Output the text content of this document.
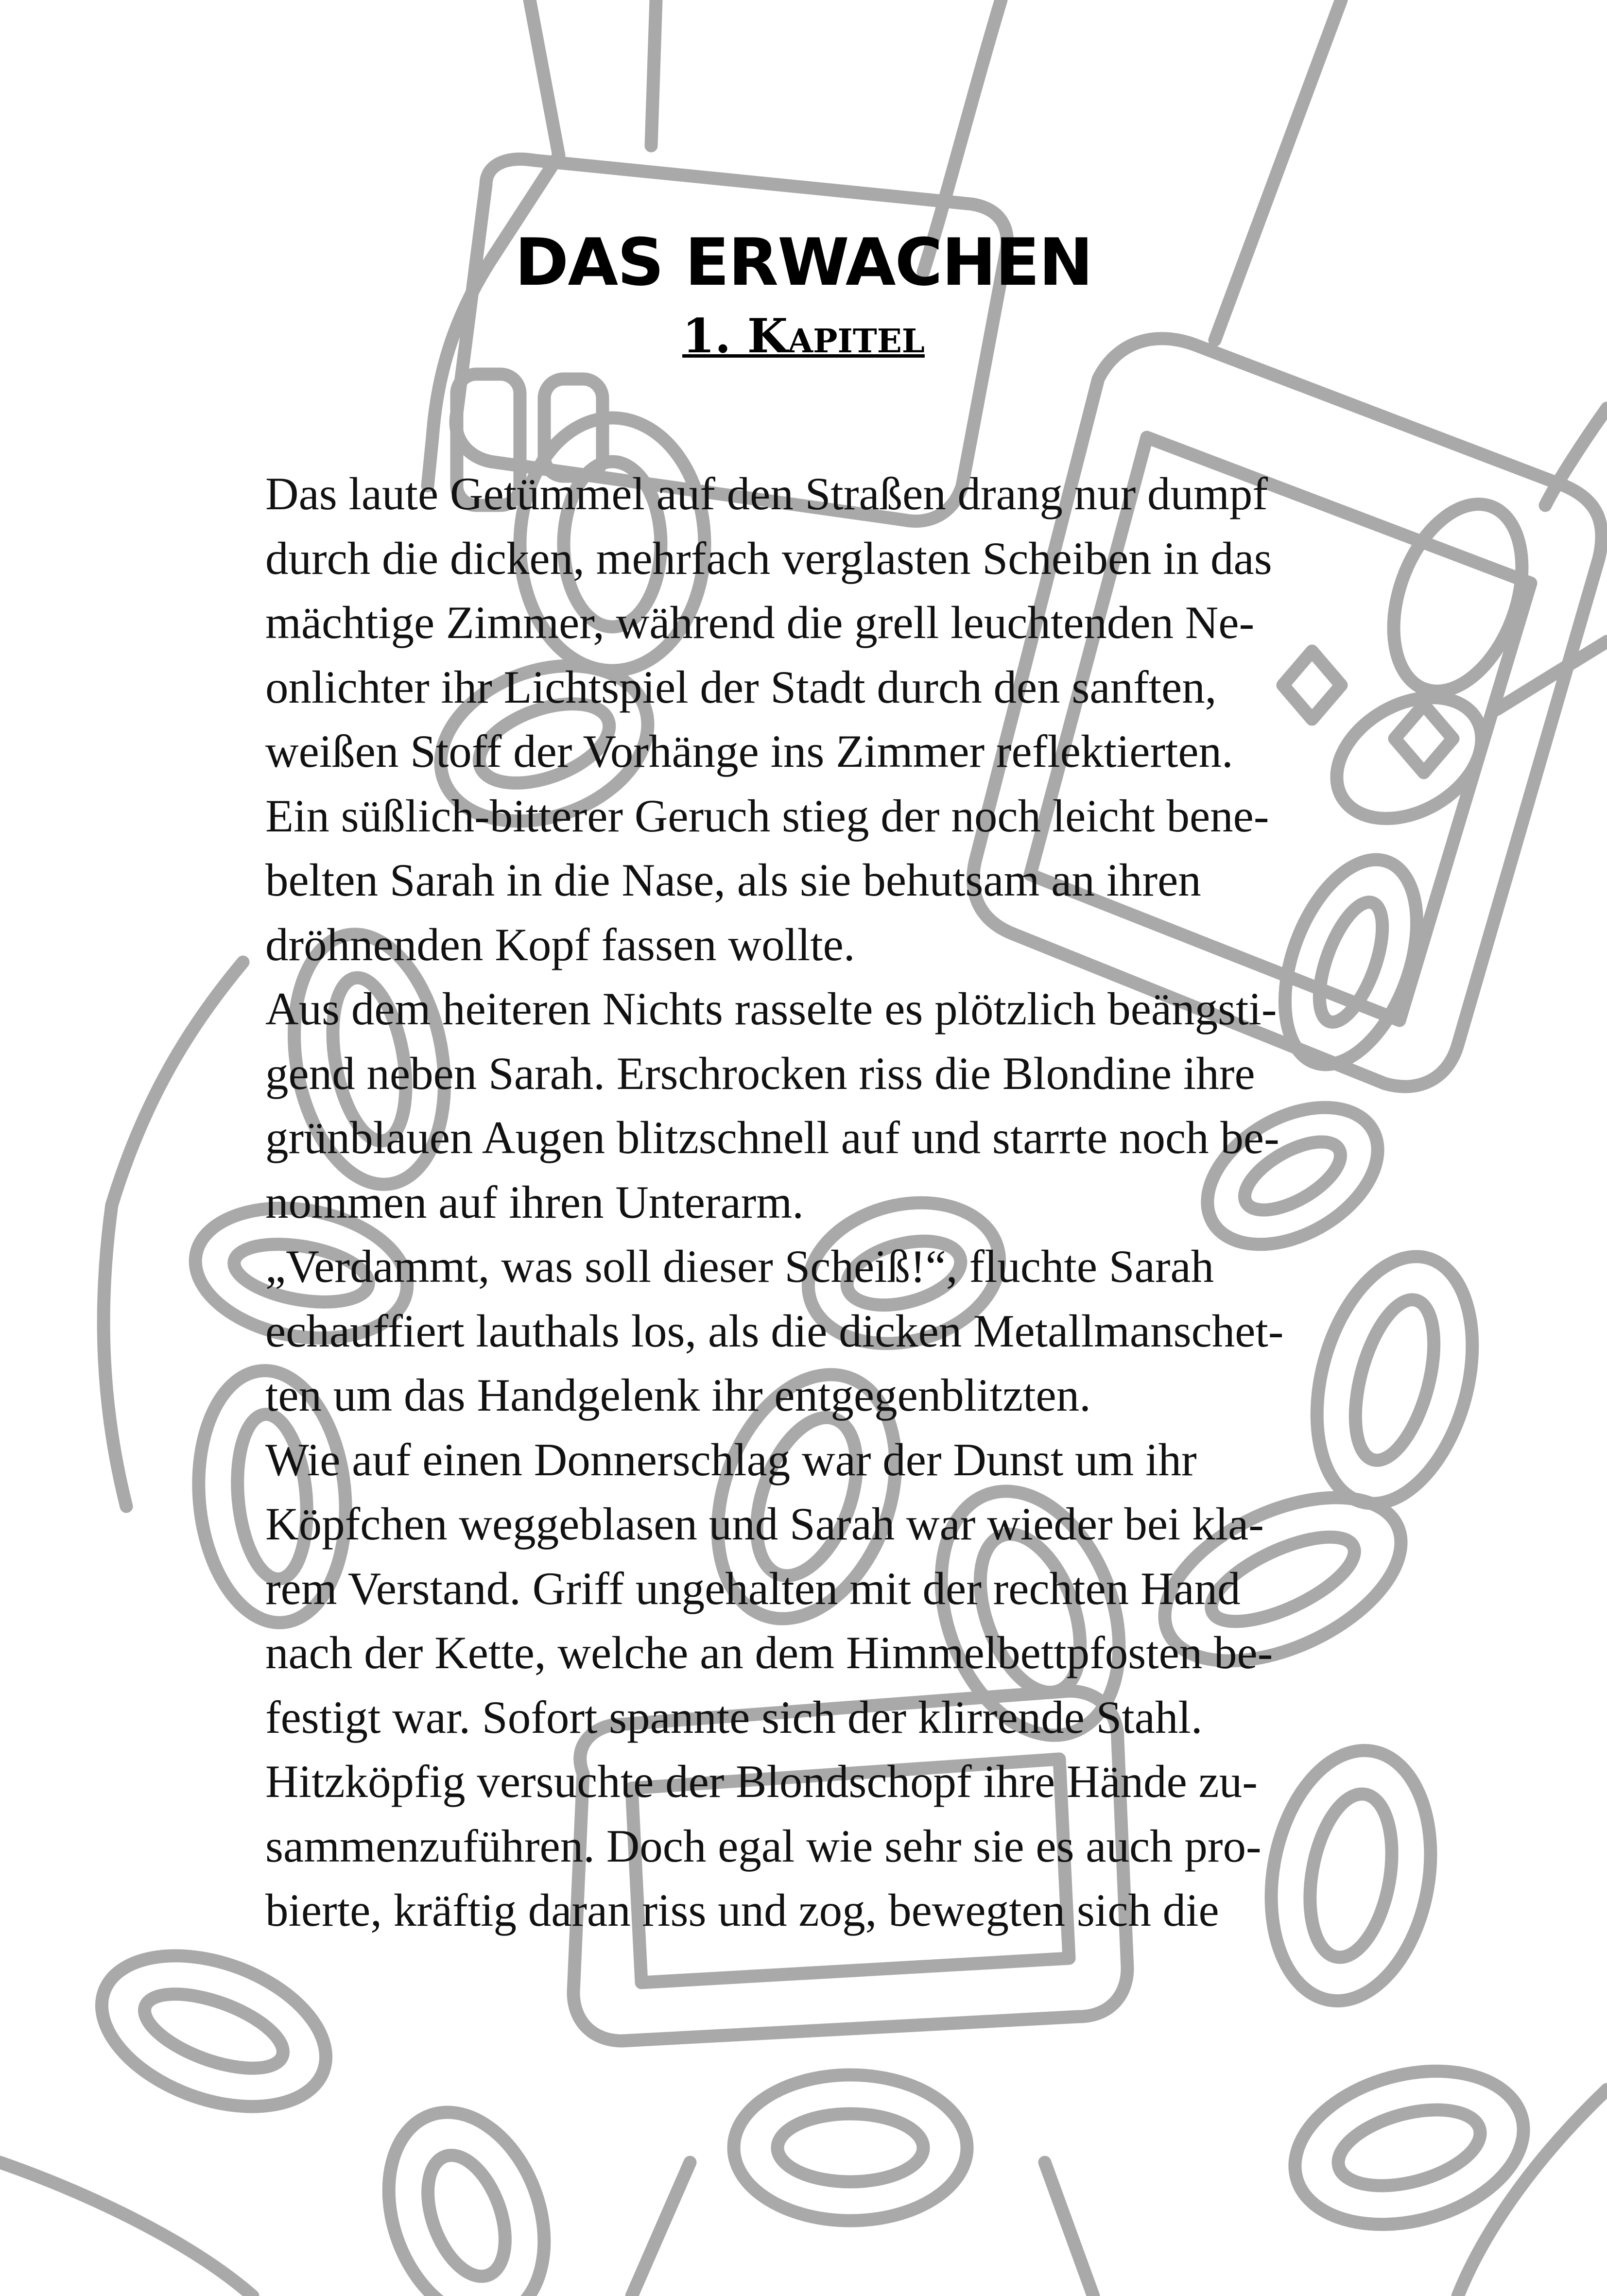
DAS ERWACHEN
1. Kapitel
Das laute Getümmel auf den Straßen drang nur dumpf
durch die dicken, mehrfach verglasten Scheiben in das
mächtige Zimmer, während die grell leuchtenden Ne-
onlichter ihr Lichtspiel der Stadt durch den sanften,
weißen Stoff der Vorhänge ins Zimmer reflektierten.
Ein süßlich-bitterer Geruch stieg der noch leicht bene-
belten Sarah in die Nase, als sie behutsam an ihren
dröhnenden Kopf fassen wollte.
Aus dem heiteren Nichts rasselte es plötzlich beängsti-
gend neben Sarah. Erschrocken riss die Blondine ihre
grünblauen Augen blitzschnell auf und starrte noch be-
nommen auf ihren Unterarm.
„Verdammt, was soll dieser Scheiß!“, fluchte Sarah
echauffiert lauthals los, als die dicken Metallmanschet-
ten um das Handgelenk ihr entgegenblitzten.
Wie auf einen Donnerschlag war der Dunst um ihr
Köpfchen weggeblasen und Sarah war wieder bei kla-
rem Verstand. Griff ungehalten mit der rechten Hand
nach der Kette, welche an dem Himmelbettpfosten be-
festigt war. Sofort spannte sich der klirrende Stahl.
Hitzköpfig versuchte der Blondschopf ihre Hände zu-
sammenzuführen. Doch egal wie sehr sie es auch pro-
bierte, kräftig daran riss und zog, bewegten sich die
